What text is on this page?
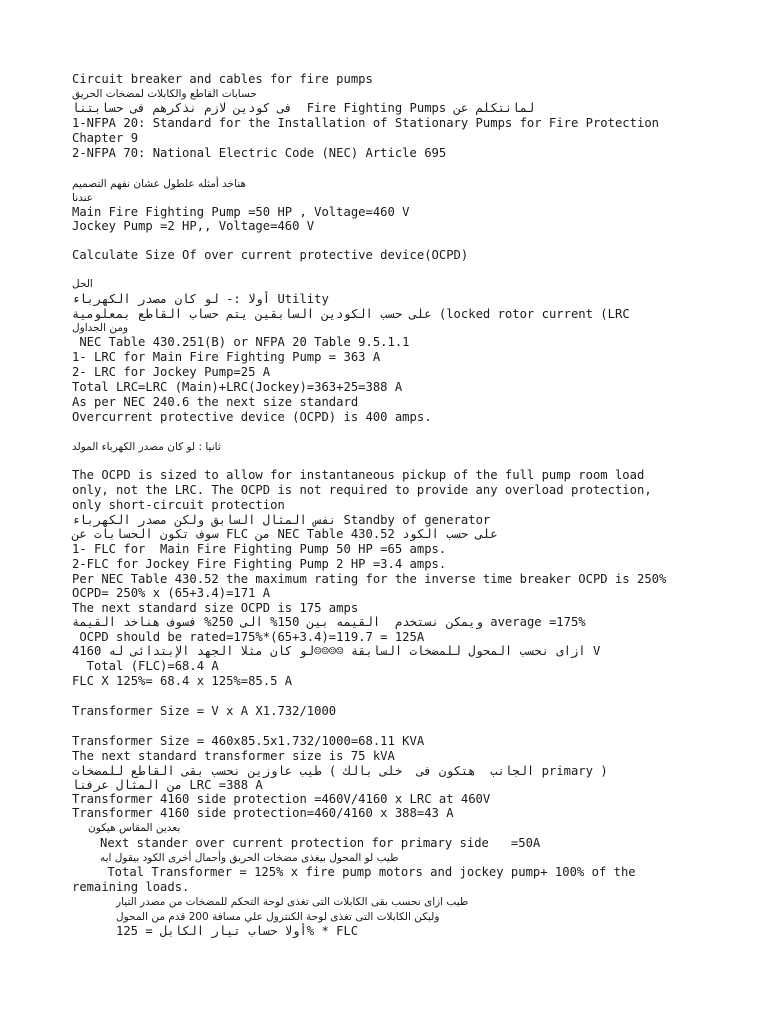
Circuit breaker and cables for fire pumps
حسابات القاطع والكابلات لمضخات الحريق
فى كودين لازم نذكرهم فى حسابتنا  Fire Fighting Pumps لمانتكلم عن
1-NFPA 20: Standard for the Installation of Stationary Pumps for Fire Protection
Chapter 9
2-NFPA 70: National Electric Code (NEC) Article 695
هناخد أمثله علطول عشان نفهم التصميم
عندنا
Main Fire Fighting Pump =50 HP , Voltage=460 V
Jockey Pump =2 HP,, Voltage=460 V
Calculate Size Of over current protective device(OCPD)
الحل
أولا :- لو كان مصدر الكهرباء Utility
على حسب الكودين السابقين يتم حساب القاطع بمعلومية (locked rotor current (LRC
ومن الجداول
NEC Table 430.251(B) or NFPA 20 Table 9.5.1.1
1- LRC for Main Fire Fighting Pump = 363 A
2- LRC for Jockey Pump=25 A
Total LRC=LRC (Main)+LRC(Jockey)=363+25=388 A
As per NEC 240.6 the next size standard
Overcurrent protective device (OCPD) is 400 amps.
ثانيا : لو كان مصدر الكهرباء المولد
The OCPD is sized to allow for instantaneous pickup of the full pump room load
only, not the LRC. The OCPD is not required to provide any overload protection,
only short-circuit protection
نفس المثال السابق ولكن مصدر الكهرباء Standby of generator
سوف تكون الحسابات عن FLC من NEC Table 430.52 على حسب الكود
1- FLC for  Main Fire Fighting Pump 50 HP =65 amps.
2-FLC for Jockey Fire Fighting Pump 2 HP =3.4 amps.
Per NEC Table 430.52 the maximum rating for the inverse time breaker OCPD is 250%
OCPD= 250% x (65+3.4)=171 A
The next standard size OCPD is 175 amps
ويمكن نستخدم  القيمه بين 150% الى 250% فسوف هناخد القيمة average =175%
OCPD should be rated=175%*(65+3.4)=119.7 = 125A
ازاى نحسب المحول للمضخات السابقة ☺☺☺☺لو كان مثلا الجهد الإبتدائى له 4160 V
Total (FLC)=68.4 A
FLC X 125%= 68.4 x 125%=85.5 A
Transformer Size = V x A X1.732/1000
Transformer Size = 460x85.5x1.732/1000=68.11 KVA
The next standard transformer size is 75 kVA
طيب عاوزين نحسب بقى القاطع للمضخات ( الجانب  هتكون فى  خلى بالك primary )
من المثال عرفنا LRC =388 A
Transformer 4160 side protection =460V/4160 x LRC at 460V
Transformer 4160 side protection=460/4160 x 388=43 A
بعدين المقاس هيكون
Next stander over current protection for primary side   =50A
طيب لو المحول بيغذى مضخات الحريق وأحمال أخرى الكود بيقول ايه
Total Transformer = 125% x fire pump motors and jockey pump+ 100% of the
remaining loads.
طيب ازاى نحسب بقى الكابلات التى تغذى لوحة التحكم للمضخات من مصدر التيار
وليكن الكابلات التى تغذى لوحة الكنترول علي مسافة 200 قدم من المحول
أولا حساب تيار الكابل = 125% * FLC
